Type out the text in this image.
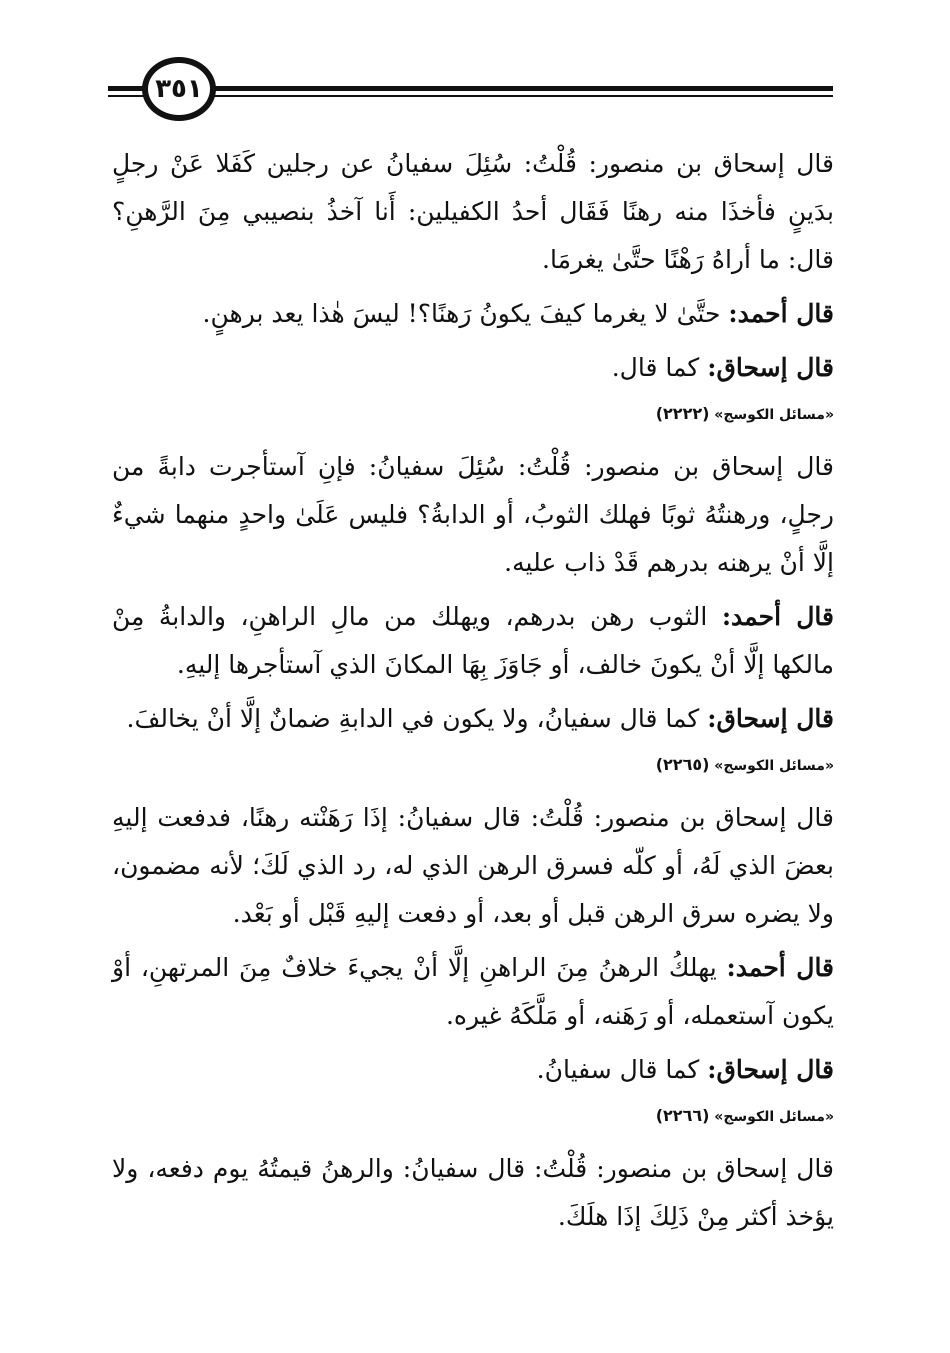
٣٥١

قال إسحاق بن منصور: قُلْتُ: سُئِلَ سفيانُ عن رجلين كَفَلا عَنْ رجلٍ بدَينٍ فأخذَا منه رهنًا فَقَال أحدُ الكفيلين: أَنا آخذُ بنصيبي مِنَ الرَّهنِ؟ قال: ما أراهُ رَهْنًا حتَّىٰ يغرمَا.

قال أحمد: حتَّىٰ لا يغرما كيفَ يكونُ رَهنًا؟! ليسَ هٰذا يعد برهنٍ.

قال إسحاق: كما قال.

«مسائل الكوسج» (٢٢٢٢)

قال إسحاق بن منصور: قُلْتُ: سُئِلَ سفيانُ: فإنِ آستأجرت دابةً من رجلٍ، ورهنتُهُ ثوبًا فهلك الثوبُ، أو الدابةُ؟ فليس عَلَىٰ واحدٍ منهما شيءٌ إلَّا أنْ يرهنه بدرهم قَدْ ذاب عليه.

قال أحمد: الثوب رهن بدرهم، ويهلك من مالِ الراهنِ، والدابةُ مِنْ مالكها إلَّا أنْ يكونَ خالف، أو جَاوَزَ بِهَا المكانَ الذي آستأجرها إليهِ.

قال إسحاق: كما قال سفيانُ، ولا يكون في الدابةِ ضمانٌ إلَّا أنْ يخالفَ.

«مسائل الكوسج» (٢٢٦٥)

قال إسحاق بن منصور: قُلْتُ: قال سفيانُ: إذَا رَهَنْته رهنًا، فدفعت إليهِ بعضَ الذي لَهُ، أو كلّه فسرق الرهن الذي له، رد الذي لَكَ؛ لأنه مضمون، ولا يضره سرق الرهن قبل أو بعد، أو دفعت إليهِ قَبْل أو بَعْد.

قال أحمد: يهلكُ الرهنُ مِنَ الراهنِ إلَّا أنْ يجيءَ خلافٌ مِنَ المرتهنِ، أوْ يكون آستعمله، أو رَهَنه، أو مَلَّكَهُ غيره.

قال إسحاق: كما قال سفيانُ.

«مسائل الكوسج» (٢٢٦٦)

قال إسحاق بن منصور: قُلْتُ: قال سفيانُ: والرهنُ قيمتُهُ يوم دفعه، ولا يؤخذ أكثر مِنْ ذَلِكَ إذَا هلَكَ.
